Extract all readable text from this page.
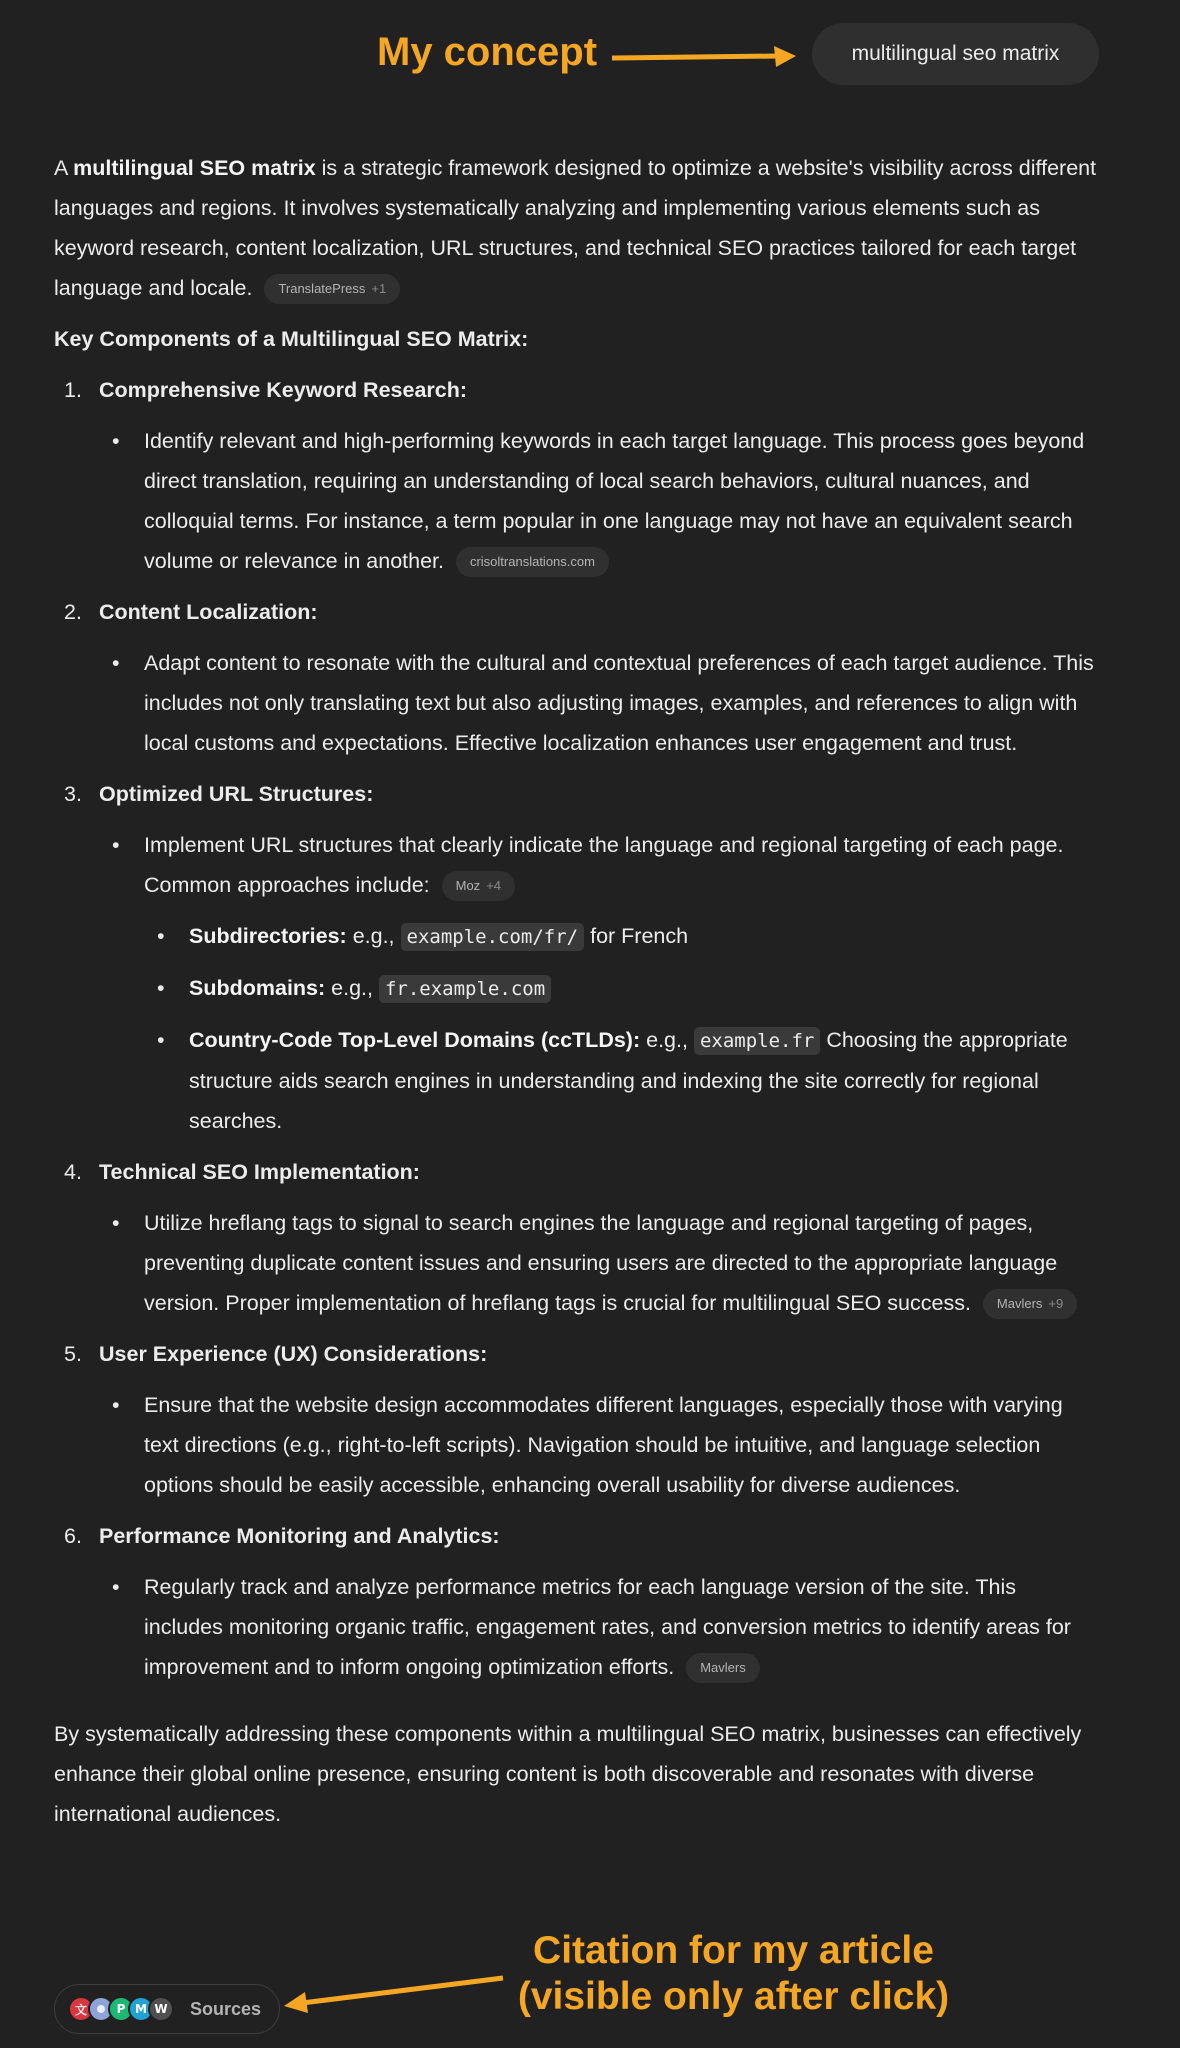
My concept
Citation for my article
(visible only after click)
multilingual seo matrix

A multilingual SEO matrix is a strategic framework designed to optimize a website's visibility across different languages and regions. It involves systematically analyzing and implementing various elements such as keyword research, content localization, URL structures, and technical SEO practices tailored for each target language and locale. TranslatePress +1

Key Components of a Multilingual SEO Matrix:

1. Comprehensive Keyword Research:
• Identify relevant and high-performing keywords in each target language. This process goes beyond direct translation, requiring an understanding of local search behaviors, cultural nuances, and colloquial terms. For instance, a term popular in one language may not have an equivalent search volume or relevance in another. crisoltranslations.com
2. Content Localization:
• Adapt content to resonate with the cultural and contextual preferences of each target audience. This includes not only translating text but also adjusting images, examples, and references to align with local customs and expectations. Effective localization enhances user engagement and trust.
3. Optimized URL Structures:
• Implement URL structures that clearly indicate the language and regional targeting of each page. Common approaches include: Moz +4
• Subdirectories: e.g., example.com/fr/ for French
• Subdomains: e.g., fr.example.com
• Country-Code Top-Level Domains (ccTLDs): e.g., example.fr Choosing the appropriate structure aids search engines in understanding and indexing the site correctly for regional searches.
4. Technical SEO Implementation:
• Utilize hreflang tags to signal to search engines the language and regional targeting of pages, preventing duplicate content issues and ensuring users are directed to the appropriate language version. Proper implementation of hreflang tags is crucial for multilingual SEO success. Mavlers +9
5. User Experience (UX) Considerations:
• Ensure that the website design accommodates different languages, especially those with varying text directions (e.g., right-to-left scripts). Navigation should be intuitive, and language selection options should be easily accessible, enhancing overall usability for diverse audiences.
6. Performance Monitoring and Analytics:
• Regularly track and analyze performance metrics for each language version of the site. This includes monitoring organic traffic, engagement rates, and conversion metrics to identify areas for improvement and to inform ongoing optimization efforts. Mavlers

By systematically addressing these components within a multilingual SEO matrix, businesses can effectively enhance their global online presence, ensuring content is both discoverable and resonates with diverse international audiences.

文	P M W	Sources
